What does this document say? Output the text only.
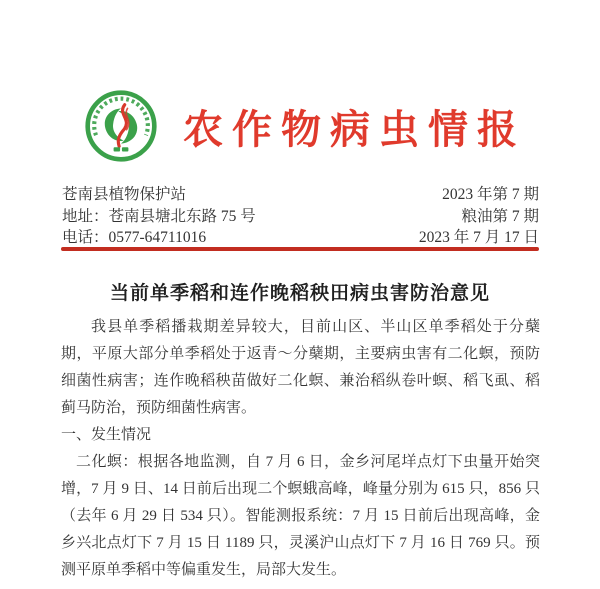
农作物病虫情报
苍南县植物保护站	2023 年第 7 期
地址：苍南县塘北东路 75 号	粮油第 7 期
电话：0577-64711016	2023 年 7 月 17 日
当前单季稻和连作晚稻秧田病虫害防治意见

我县单季稻播栽期差异较大，目前山区、半山区单季稻处于分蘖期，平原大部分单季稻处于返青～分蘖期，主要病虫害有二化螟，预防细菌性病害；连作晚稻秧苗做好二化螟、兼治稻纵卷叶螟、稻飞虱、稻蓟马防治，预防细菌性病害。

一、发生情况

二化螟：根据各地监测，自 7 月 6 日，金乡河尾垟点灯下虫量开始突增，7 月 9 日、14 日前后出现二个螟蛾高峰，峰量分别为 615 只，856 只（去年 6 月 29 日 534 只）。智能测报系统：7 月 15 日前后出现高峰，金乡兴北点灯下 7 月 15 日 1189 只，灵溪沪山点灯下 7 月 16 日 769 只。预测平原单季稻中等偏重发生，局部大发生。
